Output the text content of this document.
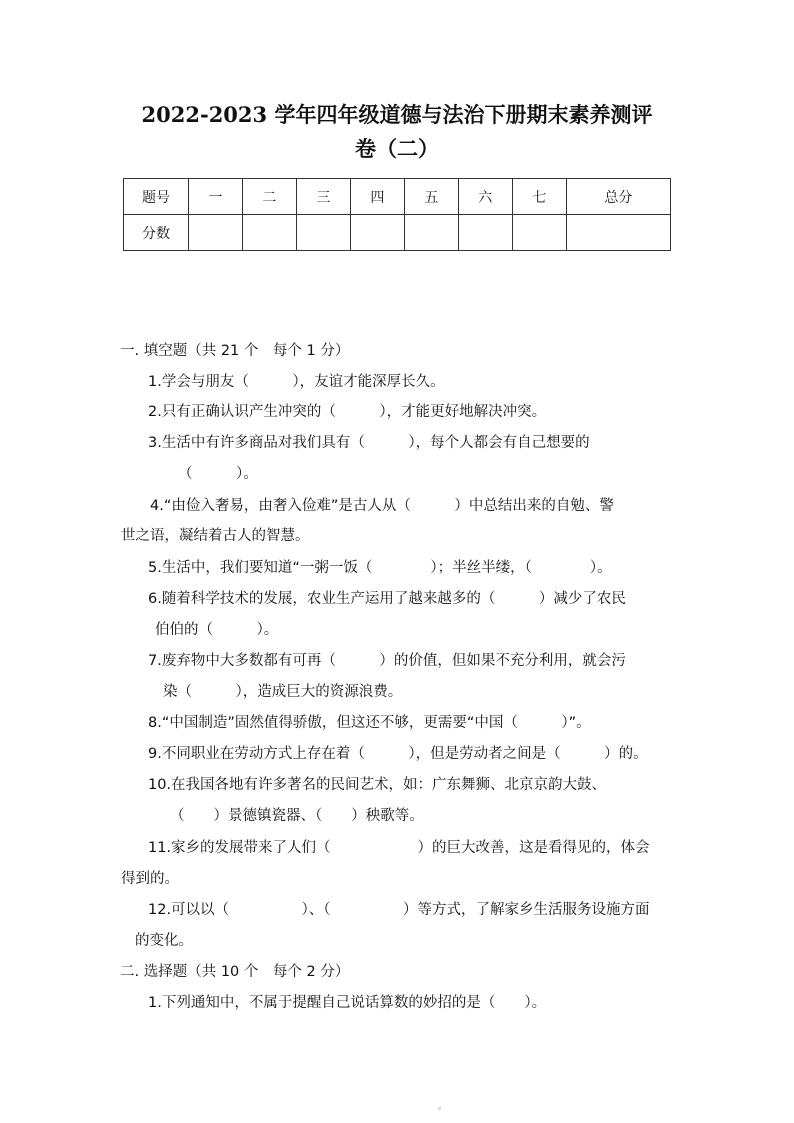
2022-2023 学年四年级道德与法治下册期末素养测评
卷（二）
题号	一	二	三	四	五	六	七	总分
分数								
一. 填空题（共 21 个　每个 1 分）
1.学会与朋友（　　　），友谊才能深厚长久。
2.只有正确认识产生冲突的（　　　），才能更好地解决冲突。
3.生活中有许多商品对我们具有（　　　），每个人都会有自己想要的
（　　　）。
4.“由俭入奢易，由奢入俭难”是古人从（　　　）中总结出来的自勉、警
世之语，凝结着古人的智慧。
5.生活中，我们要知道“一粥一饭（　　　　）；半丝半缕，（　　　　）。
6.随着科学技术的发展，农业生产运用了越来越多的（　　　）减少了农民
伯伯的（　　　）。
7.废弃物中大多数都有可再（　　　）的价值，但如果不充分利用，就会污
染（　　　），造成巨大的资源浪费。
8.“中国制造”固然值得骄傲，但这还不够，更需要“中国（　　　）”。
9.不同职业在劳动方式上存在着（　　　），但是劳动者之间是（　　　）的。
10.在我国各地有许多著名的民间艺术，如：广东舞狮、北京京韵大鼓、
（　　）景德镇瓷器、（　　）秧歌等。
11.家乡的发展带来了人们（　　　　　　）的巨大改善，这是看得见的，体会
得到的。
12.可以以（　　　　　）、（　　　　　）等方式，了解家乡生活服务设施方面
的变化。
二. 选择题（共 10 个　每个 2 分）
1.下列通知中，不属于提醒自己说话算数的妙招的是（　　）。
